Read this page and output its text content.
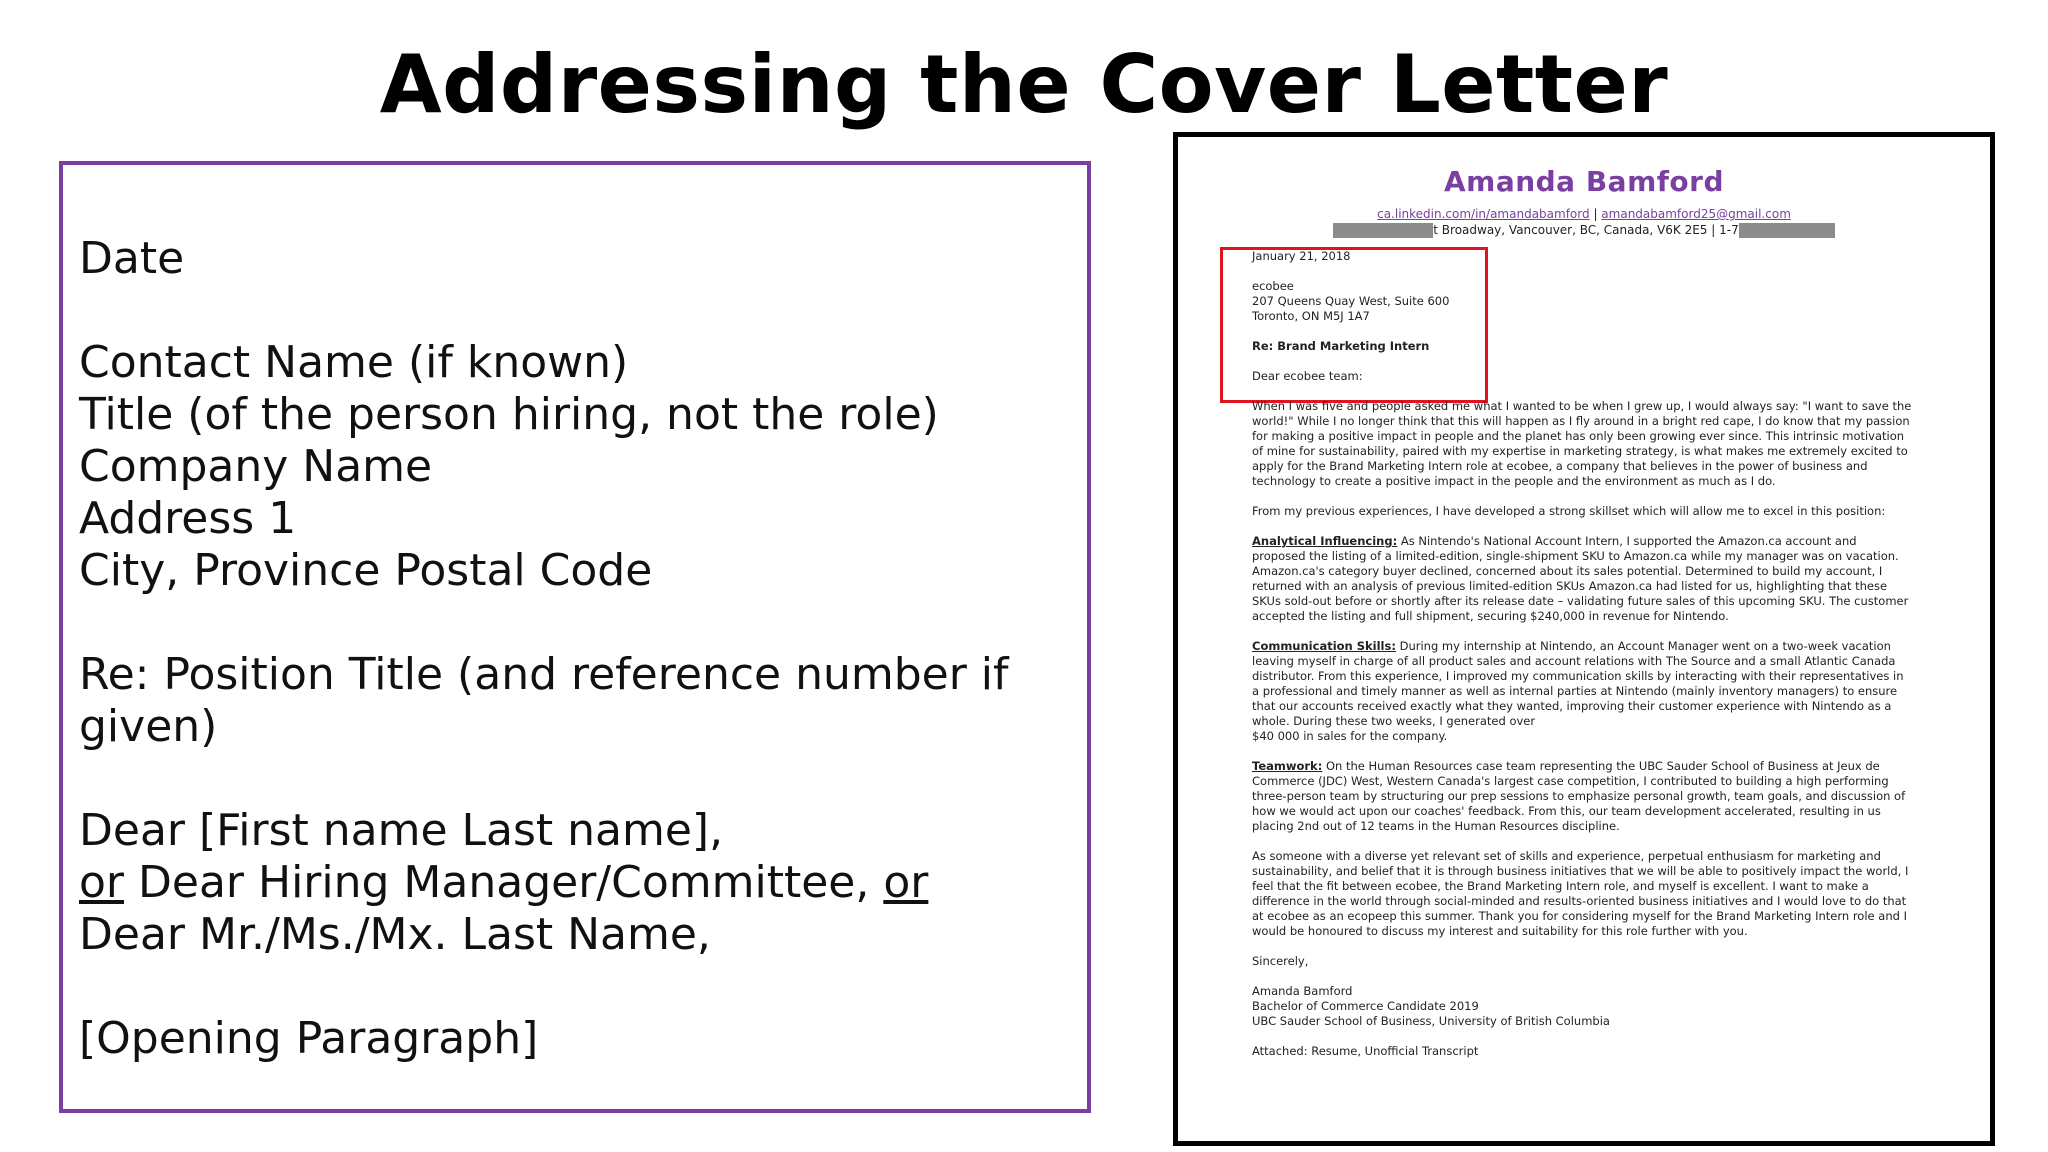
Addressing the Cover Letter
Date
Contact Name (if known)
Title (of the person hiring, not the role)
Company Name
Address 1
City, Province Postal Code
Re: Position Title (and reference number if given)
Dear [First name Last name],
or Dear Hiring Manager/Committee, or Dear Mr./Ms./Mx. Last Name,
[Opening Paragraph]
Amanda Bamford
ca.linkedin.com/in/amandabamford | amandabamford25@gmail.com
t Broadway, Vancouver, BC, Canada, V6K 2E5 | 1-7

January 21, 2018

ecobee
207 Queens Quay West, Suite 600

Toronto, ON M5J 1A7

Re: Brand Marketing Intern

Dear ecobee team:

When I was five and people asked me what I wanted to be when I grew up, I would always say: "I want to save the world!" While I no longer think that this will happen as I fly around in a bright red cape, I do know that my passion for making a positive impact in people and the planet has only been growing ever since. This intrinsic motivation of mine for sustainability, paired with my expertise in marketing strategy, is what makes me extremely excited to apply for the Brand Marketing Intern role at ecobee, a company that believes in the power of business and technology to create a positive impact in the people and the environment as much as I do.

From my previous experiences, I have developed a strong skillset which will allow me to excel in this position:

Analytical Influencing: As Nintendo's National Account Intern, I supported the Amazon.ca account and proposed the listing of a limited-edition, single-shipment SKU to Amazon.ca while my manager was on vacation. Amazon.ca's category buyer declined, concerned about its sales potential. Determined to build my account, I returned with an analysis of previous limited-edition SKUs Amazon.ca had listed for us, highlighting that these SKUs sold-out before or shortly after its release date – validating future sales of this upcoming SKU. The customer accepted the listing and full shipment, securing $240,000 in revenue for Nintendo.

Communication Skills: During my internship at Nintendo, an Account Manager went on a two-week vacation leaving myself in charge of all product sales and account relations with The Source and a small Atlantic Canada distributor. From this experience, I improved my communication skills by interacting with their representatives in a professional and timely manner as well as internal parties at Nintendo (mainly inventory managers) to ensure that our accounts received exactly what they wanted, improving their customer experience with Nintendo as a whole. During these two weeks, I generated over

$40 000 in sales for the company.

Teamwork: On the Human Resources case team representing the UBC Sauder School of Business at Jeux de Commerce (JDC) West, Western Canada's largest case competition, I contributed to building a high performing three-person team by structuring our prep sessions to emphasize personal growth, team goals, and discussion of how we would act upon our coaches' feedback. From this, our team development accelerated, resulting in us placing 2nd out of 12 teams in the Human Resources discipline.

As someone with a diverse yet relevant set of skills and experience, perpetual enthusiasm for marketing and sustainability, and belief that it is through business initiatives that we will be able to positively impact the world, I feel that the fit between ecobee, the Brand Marketing Intern role, and myself is excellent. I want to make a difference in the world through social-minded and results-oriented business initiatives and I would love to do that at ecobee as an ecopeep this summer. Thank you for considering myself for the Brand Marketing Intern role and I would be honoured to discuss my interest and suitability for this role further with you.

Sincerely,

Amanda Bamford
Bachelor of Commerce Candidate 2019

UBC Sauder School of Business, University of British Columbia

Attached: Resume, Unofficial Transcript
